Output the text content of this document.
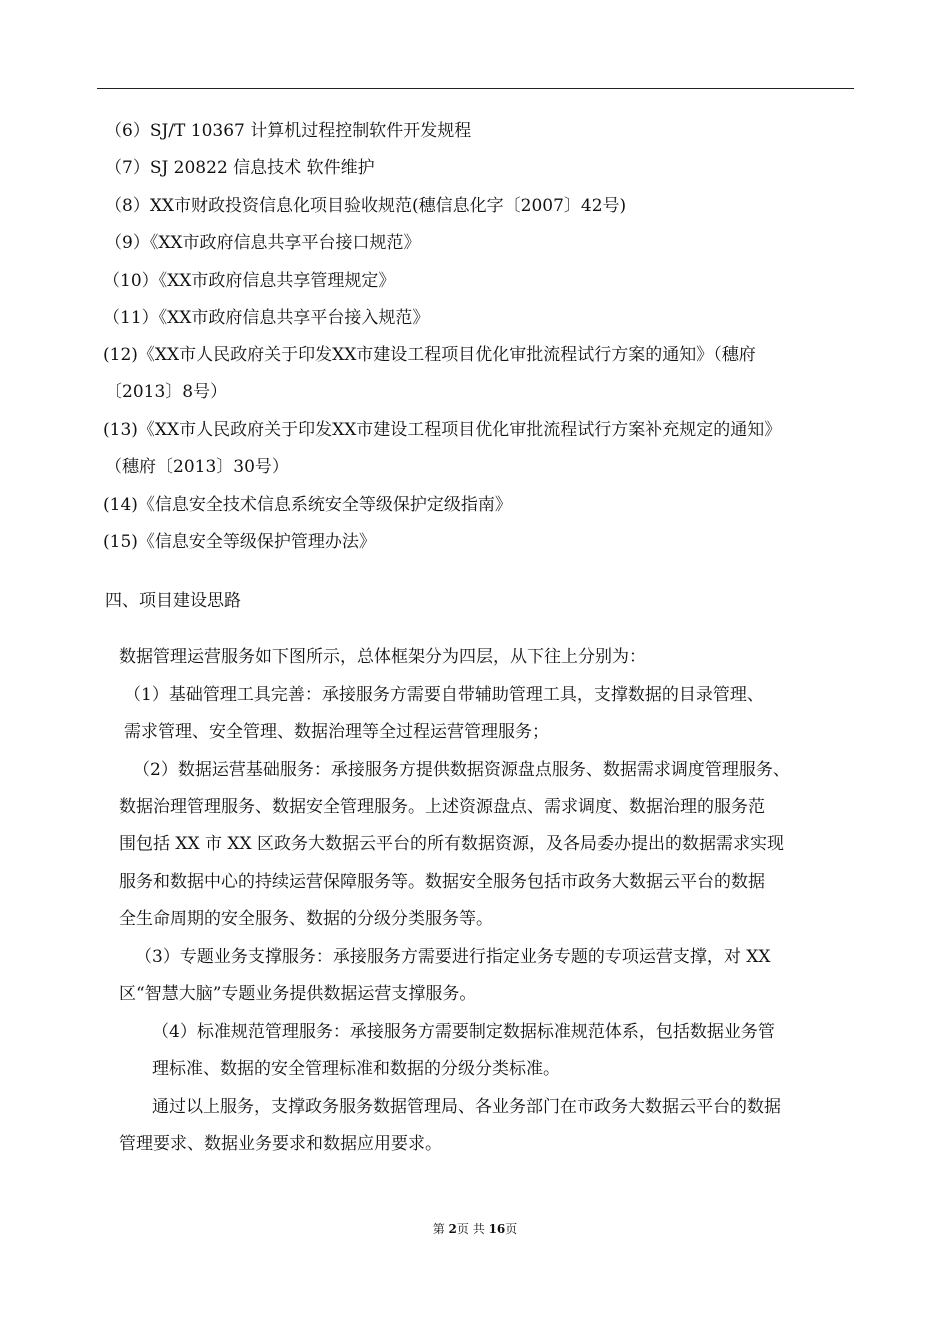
（6）SJ/T 10367 计算机过程控制软件开发规程
（7）SJ 20822 信息技术 软件维护
（8）XX市财政投资信息化项目验收规范(穗信息化字〔2007〕42号)
（9）《XX市政府信息共享平台接口规范》
（10）《XX市政府信息共享管理规定》
（11）《XX市政府信息共享平台接入规范》
(12)《XX市人民政府关于印发XX市建设工程项目优化审批流程试行方案的通知》（穗府
〔2013〕8号）
(13)《XX市人民政府关于印发XX市建设工程项目优化审批流程试行方案补充规定的通知》
（穗府〔2013〕30号）
(14)《信息安全技术信息系统安全等级保护定级指南》
(15)《信息安全等级保护管理办法》
四、项目建设思路
数据管理运营服务如下图所示，总体框架分为四层，从下往上分别为：
（1）基础管理工具完善：承接服务方需要自带辅助管理工具，支撑数据的目录管理、
需求管理、安全管理、数据治理等全过程运营管理服务；
（2）数据运营基础服务：承接服务方提供数据资源盘点服务、数据需求调度管理服务、
数据治理管理服务、数据安全管理服务。上述资源盘点、需求调度、数据治理的服务范
围包括 XX 市 XX 区政务大数据云平台的所有数据资源，及各局委办提出的数据需求实现
服务和数据中心的持续运营保障服务等。数据安全服务包括市政务大数据云平台的数据
全生命周期的安全服务、数据的分级分类服务等。
（3）专题业务支撑服务：承接服务方需要进行指定业务专题的专项运营支撑，对 XX
区“智慧大脑”专题业务提供数据运营支撑服务。
（4）标准规范管理服务：承接服务方需要制定数据标准规范体系，包括数据业务管
理标准、数据的安全管理标准和数据的分级分类标准。
通过以上服务，支撑政务服务数据管理局、各业务部门在市政务大数据云平台的数据
管理要求、数据业务要求和数据应用要求。
第 2页 共 16页
